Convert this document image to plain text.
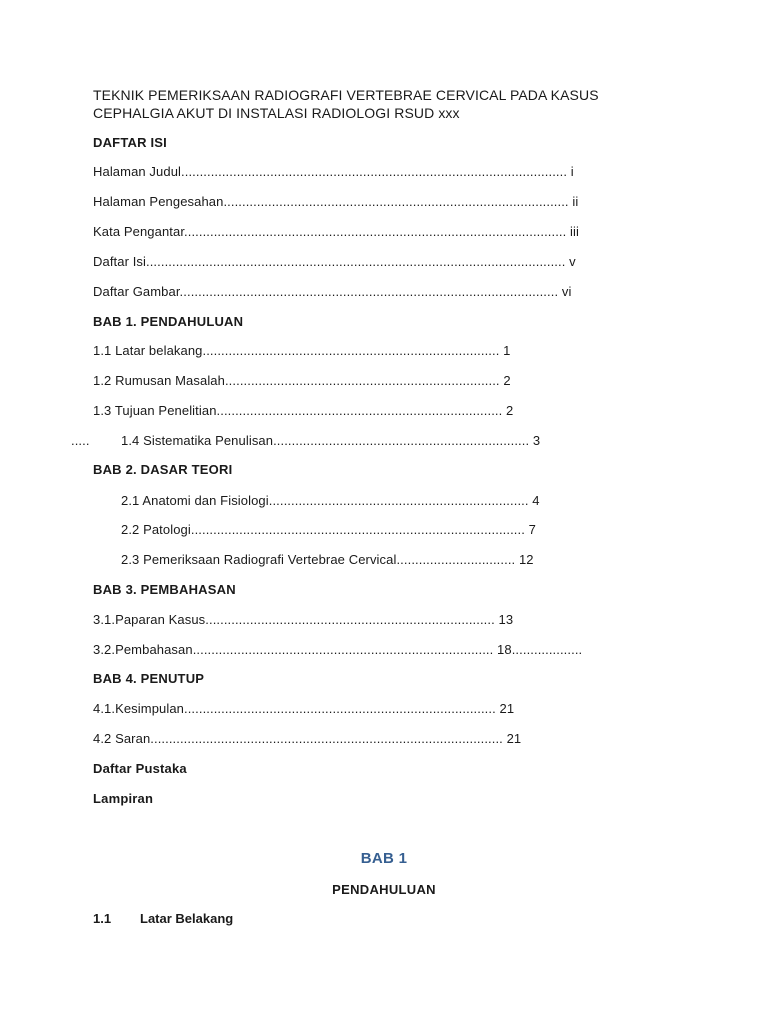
TEKNIK PEMERIKSAAN RADIOGRAFI VERTEBRAE CERVICAL PADA KASUS CEPHALGIA AKUT DI INSTALASI RADIOLOGI RSUD xxx
DAFTAR ISI
Halaman Judul........................................................................................................ i
Halaman Pengesahan............................................................................................. ii
Kata Pengantar....................................................................................................... iii
Daftar Isi................................................................................................................. v
Daftar Gambar...................................................................................................... vi
BAB 1. PENDAHULUAN
1.1 Latar belakang................................................................................ 1
1.2 Rumusan Masalah.......................................................................... 2
1.3 Tujuan Penelitian............................................................................. 2
..... 1.4 Sistematika Penulisan..................................................................... 3
BAB 2. DASAR TEORI
2.1 Anatomi dan Fisiologi...................................................................... 4
2.2 Patologi.......................................................................................... 7
2.3 Pemeriksaan Radiografi Vertebrae Cervical................................ 12
BAB 3. PEMBAHASAN
3.1.Paparan Kasus.............................................................................. 13
3.2.Pembahasan................................................................................. 18...................
BAB 4. PENUTUP
4.1.Kesimpulan.................................................................................... 21
4.2 Saran............................................................................................... 21
Daftar Pustaka
Lampiran
BAB 1
PENDAHULUAN
1.1 Latar Belakang
